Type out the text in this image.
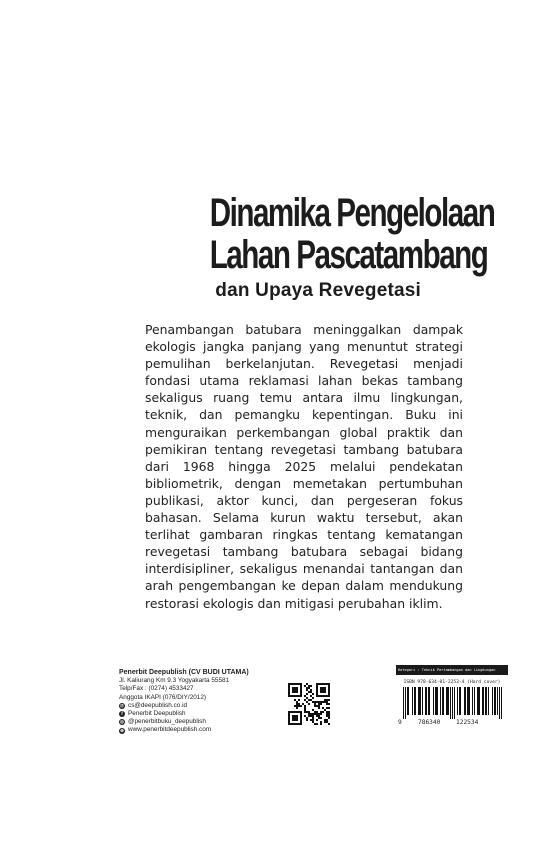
Dinamika Pengelolaan
Lahan Pascatambang
dan Upaya Revegetasi

Penambangan batubara meninggalkan dampak ekologis jangka panjang yang menuntut strategi pemulihan berkelanjutan. Revegetasi menjadi fondasi utama reklamasi lahan bekas tambang sekaligus ruang temu antara ilmu lingkungan, teknik, dan pemangku kepentingan. Buku ini menguraikan perkembangan global praktik dan pemikiran tentang revegetasi tambang batubara dari 1968 hingga 2025 melalui pendekatan bibliometrik, dengan memetakan pertumbuhan publikasi, aktor kunci, dan pergeseran fokus bahasan. Selama kurun waktu tersebut, akan terlihat gambaran ringkas tentang kematangan revegetasi tambang batubara sebagai bidang interdisipliner, sekaligus menandai tantangan dan arah pengembangan ke depan dalam mendukung restorasi ekologis dan mitigasi perubahan iklim.

Penerbit Deepublish (CV BUDI UTAMA)
Jl. Kaliurang Km 9.3 Yogyakarta 55581
Telp/Fax : (0274) 4533427
Anggota IKAPI (076/DIY/2012)
@ cs@deepublish.co.id
f Penerbit Deepublish
◎ @penerbitbuku_deepublish
⊕ www.penerbitdeepublish.com
Kategori : Teknik Pertambangan dan Lingkungan
ISBN 978-634-01-2253-4 (Hard cover)
9	786340	122534
